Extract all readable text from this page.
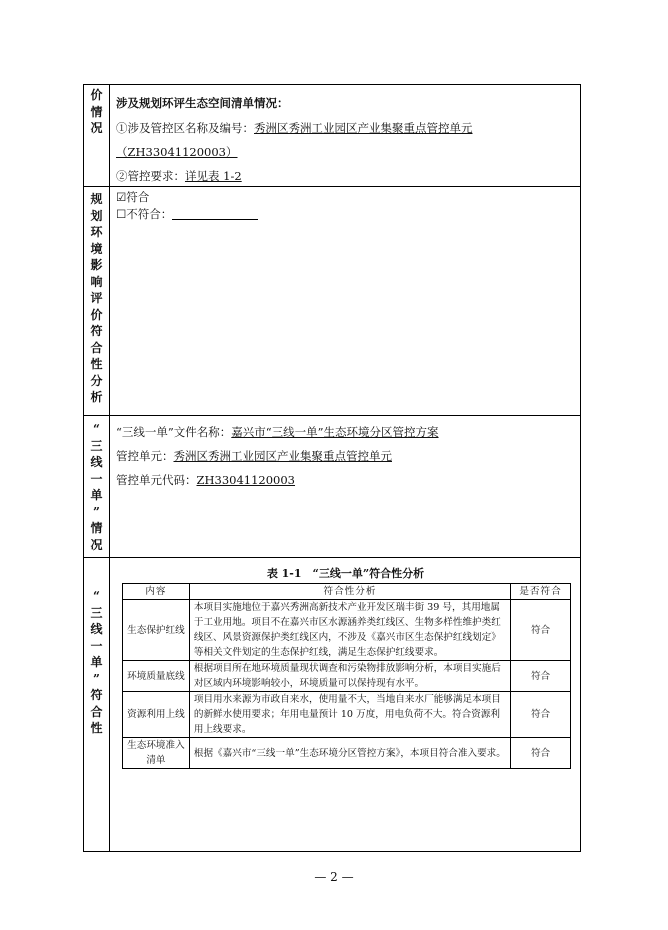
价
情
况
涉及规划环评生态空间清单情况：
①涉及管控区名称及编号：秀洲区秀洲工业园区产业集聚重点管控单元
（ZH33041120003）
②管控要求：详见表 1-2
规
划
环
境
影
响
评
价
符
合
性
分
析
☑符合
☐不符合：
“
三
线
一
单
”
情
况
“三线一单”文件名称：嘉兴市“三线一单”生态环境分区管控方案
管控单元：秀洲区秀洲工业园区产业集聚重点管控单元
管控单元代码：ZH33041120003
“
三
线
一
单
”
符
合
性
表 1-1　“三线一单”符合性分析
内容	符合性分析	是否符合
生态保护红线	本项目实施地位于嘉兴秀洲高新技术产业开发区瑞丰街 39 号，其用地属于工业用地。项目不在嘉兴市区水源涵养类红线区、生物多样性维护类红线区、风景资源保护类红线区内，不涉及《嘉兴市区生态保护红线划定》等相关文件划定的生态保护红线，满足生态保护红线要求。	符合
环境质量底线	根据项目所在地环境质量现状调查和污染物排放影响分析，本项目实施后对区域内环境影响较小，环境质量可以保持现有水平。	符合
资源利用上线	项目用水来源为市政自来水，使用量不大，当地自来水厂能够满足本项目的新鲜水使用要求；年用电量预计 10 万度，用电负荷不大。符合资源利用上线要求。	符合
生态环境准入清单	根据《嘉兴市“三线一单”生态环境分区管控方案》，本项目符合准入要求。	符合
— 2 —
